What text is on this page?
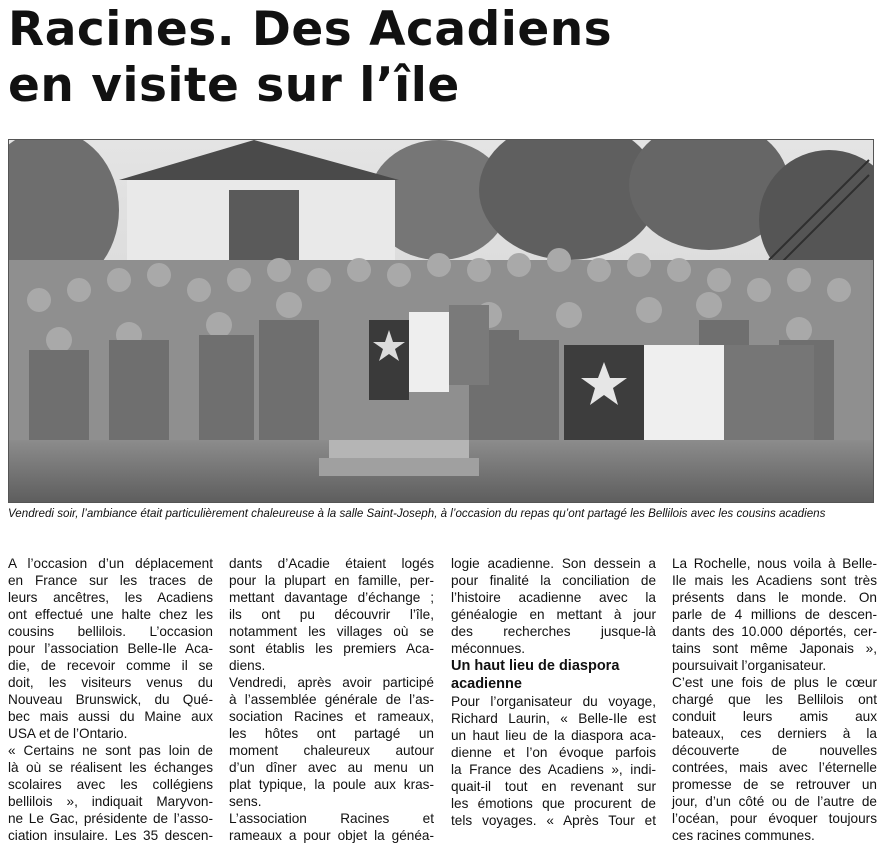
Racines. Des Acadiens
en visite sur l’île

Vendredi soir, l’ambiance était particulièrement chaleureuse à la salle Saint-Joseph, à l’occasion du repas qu’ont partagé les Bellilois avec les cousins acadiens

A l’occasion d’un déplacement
en France sur les traces de
leurs ancêtres, les Acadiens
ont effectué une halte chez les
cousins bellilois. L’occasion
pour l’association Belle-Ile Aca-
die, de recevoir comme il se
doit, les visiteurs venus du
Nouveau Brunswick, du Qué-
bec mais aussi du Maine aux
USA et de l’Ontario.

« Certains ne sont pas loin de
là où se réalisent les échanges
scolaires avec les collégiens
bellilois », indiquait Maryvon-
ne Le Gac, présidente de l’asso-
ciation insulaire. Les 35 descen-

dants d’Acadie étaient logés
pour la plupart en famille, per-
mettant davantage d’échange ;
ils ont pu découvrir l’île,
notamment les villages où se
sont établis les premiers Aca-
diens.

Vendredi, après avoir participé
à l’assemblée générale de l’as-
sociation Racines et rameaux,
les hôtes ont partagé un
moment chaleureux autour
d’un dîner avec au menu un
plat typique, la poule aux kras-
sens.

L’association Racines et
rameaux a pour objet la généa-

logie acadienne. Son dessein a
pour finalité la conciliation de
l’histoire acadienne avec la
généalogie en mettant à jour
des recherches jusque-là
méconnues.

Un haut lieu de diaspora
acadienne

Pour l’organisateur du voyage,
Richard Laurin, « Belle-Ile est
un haut lieu de la diaspora aca-
dienne et l’on évoque parfois
la France des Acadiens », indi-
quait-il tout en revenant sur
les émotions que procurent de
tels voyages. « Après Tour et

La Rochelle, nous voila à Belle-
Ile mais les Acadiens sont très
présents dans le monde. On
parle de 4 millions de descen-
dants des 10.000 déportés, cer-
tains sont même Japonais »,
poursuivait l’organisateur.

C’est une fois de plus le cœur
chargé que les Bellilois ont
conduit leurs amis aux
bateaux, ces derniers à la
découverte de nouvelles
contrées, mais avec l’éternelle
promesse de se retrouver un
jour, d’un côté ou de l’autre de
l’océan, pour évoquer toujours
ces racines communes.
